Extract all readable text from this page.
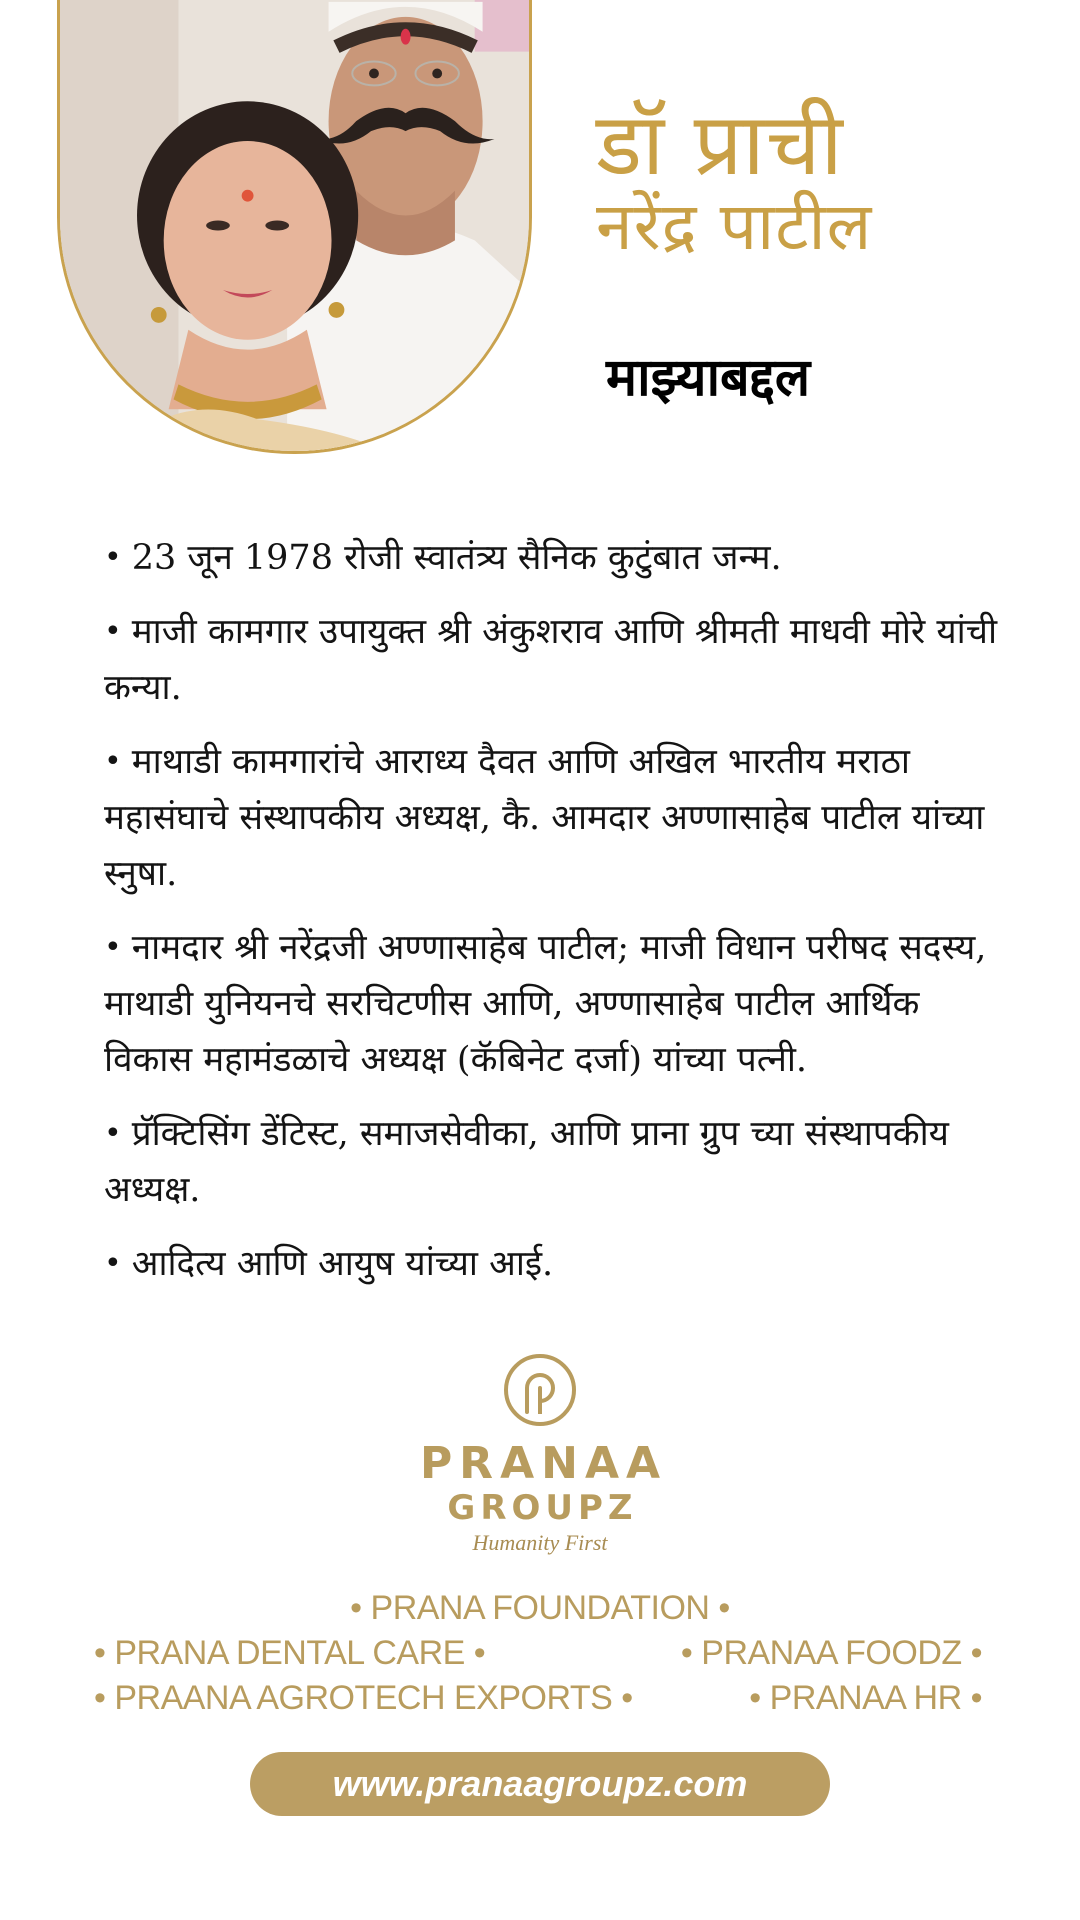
डॉ प्राची
नरेंद्र पाटील
माझ्याबद्दल
• 23 जून 1978 रोजी स्वातंत्र्य सैनिक कुटुंबात जन्म.
• माजी कामगार उपायुक्त श्री अंकुशराव आणि श्रीमती माधवी मोरे यांची कन्या.
• माथाडी कामगारांचे आराध्य दैवत आणि अखिल भारतीय मराठा महासंघाचे संस्थापकीय अध्यक्ष, कै. आमदार अण्णासाहेब पाटील यांच्या स्नुषा.
• नामदार श्री नरेंद्रजी अण्णासाहेब पाटील; माजी विधान परीषद सदस्य, माथाडी युनियनचे सरचिटणीस आणि, अण्णासाहेब पाटील आर्थिक विकास महामंडळाचे अध्यक्ष (कॅबिनेट दर्जा) यांच्या पत्नी.
• प्रॅक्टिसिंग डेंटिस्ट, समाजसेवीका, आणि प्राना ग्रुप च्या संस्थापकीय अध्यक्ष.
• आदित्य आणि आयुष यांच्या आई.
PRANAA
GROUPZ
Humanity First
• PRANA FOUNDATION •
• PRANA DENTAL CARE •	• PRANAA FOODZ •
• PRAANA AGROTECH EXPORTS •	• PRANAA HR •
www.pranaagroupz.com
